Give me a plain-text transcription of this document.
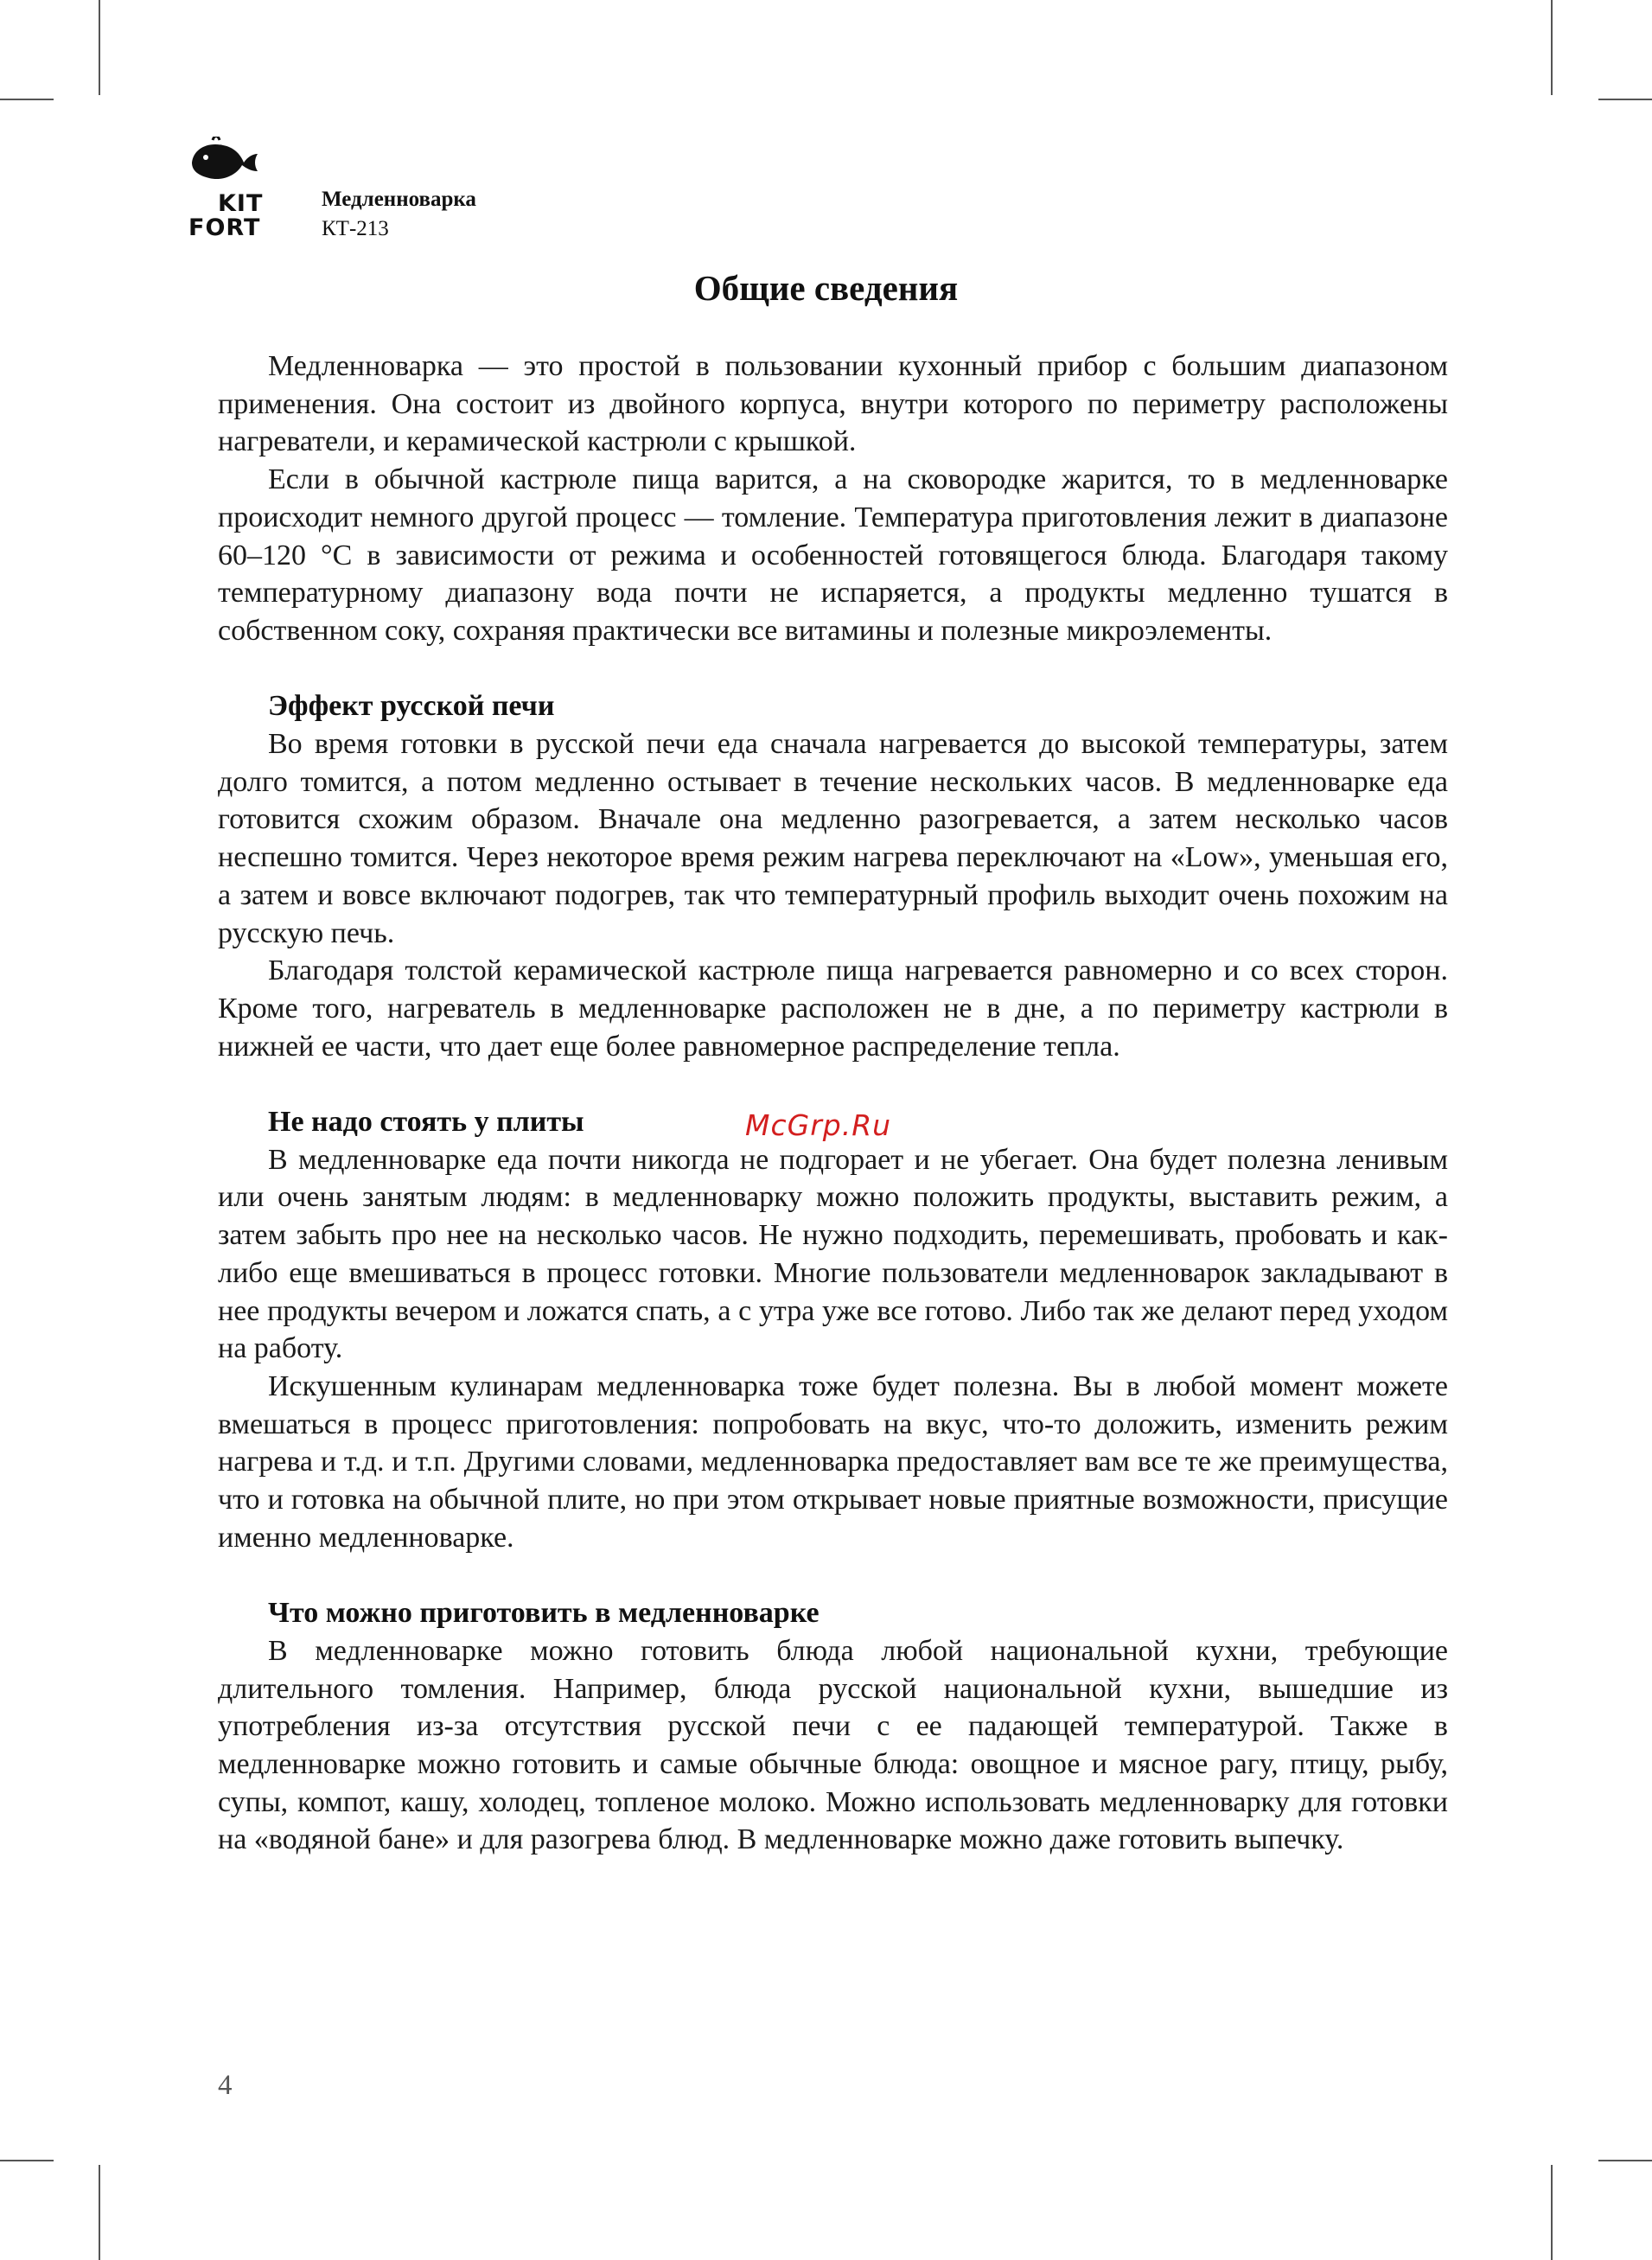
KIT
FORT
Медленноварка
КТ-213
Общие сведения

Медленноварка — это простой в пользовании кухонный прибор с большим диапазоном применения. Она состоит из двойного корпуса, внутри которого по периметру расположены нагреватели, и керамической кастрюли с крышкой.

Если в обычной кастрюле пища варится, а на сковородке жарится, то в медленноварке происходит немного другой процесс — томление. Температура приготовления лежит в диапазоне 60–120 °C в зависимости от режима и особенностей готовящегося блюда. Благодаря такому температурному диапазону вода почти не испаряется, а продукты медленно тушатся в собственном соку, сохраняя практически все витамины и полезные микроэлементы.

Эффект русской печи

Во время готовки в русской печи еда сначала нагревается до высокой температуры, затем долго томится, а потом медленно остывает в течение нескольких часов. В медленноварке еда готовится схожим образом. Вначале она медленно разогревается, а затем несколько часов неспешно томится. Через некоторое время режим нагрева переключают на «Low», уменьшая его, а затем и вовсе включают подогрев, так что температурный профиль выходит очень похожим на русскую печь.

Благодаря толстой керамической кастрюле пища нагревается равномерно и со всех сторон. Кроме того, нагреватель в медленноварке расположен не в дне, а по периметру кастрюли в нижней ее части, что дает еще более равномерное распределение тепла.

Не надо стоять у плиты

В медленноварке еда почти никогда не подгорает и не убегает. Она будет полезна ленивым или очень занятым людям: в медленноварку можно положить продукты, выставить режим, а затем забыть про нее на несколько часов. Не нужно подходить, перемешивать, пробовать и как-либо еще вмешиваться в процесс готовки. Многие пользователи медленноварок закладывают в нее продукты вечером и ложатся спать, а с утра уже все готово. Либо так же делают перед уходом на работу.

Искушенным кулинарам медленноварка тоже будет полезна. Вы в любой момент можете вмешаться в процесс приготовления: попробовать на вкус, что-то доложить, изменить режим нагрева и т.д. и т.п. Другими словами, медленноварка предоставляет вам все те же преимущества, что и готовка на обычной плите, но при этом открывает новые приятные возможности, присущие именно медленноварке.

Что можно приготовить в медленноварке

В медленноварке можно готовить блюда любой национальной кухни, требующие длительного томления. Например, блюда русской национальной кухни, вышедшие из употребления из-за отсутствия русской печи с ее падающей температурой. Также в медленноварке можно готовить и самые обычные блюда: овощное и мясное рагу, птицу, рыбу, супы, компот, кашу, холодец, топленое молоко. Можно использовать медленноварку для готовки на «водяной бане» и для разогрева блюд. В медленноварке можно даже готовить выпечку.

McGrp.Ru
4
